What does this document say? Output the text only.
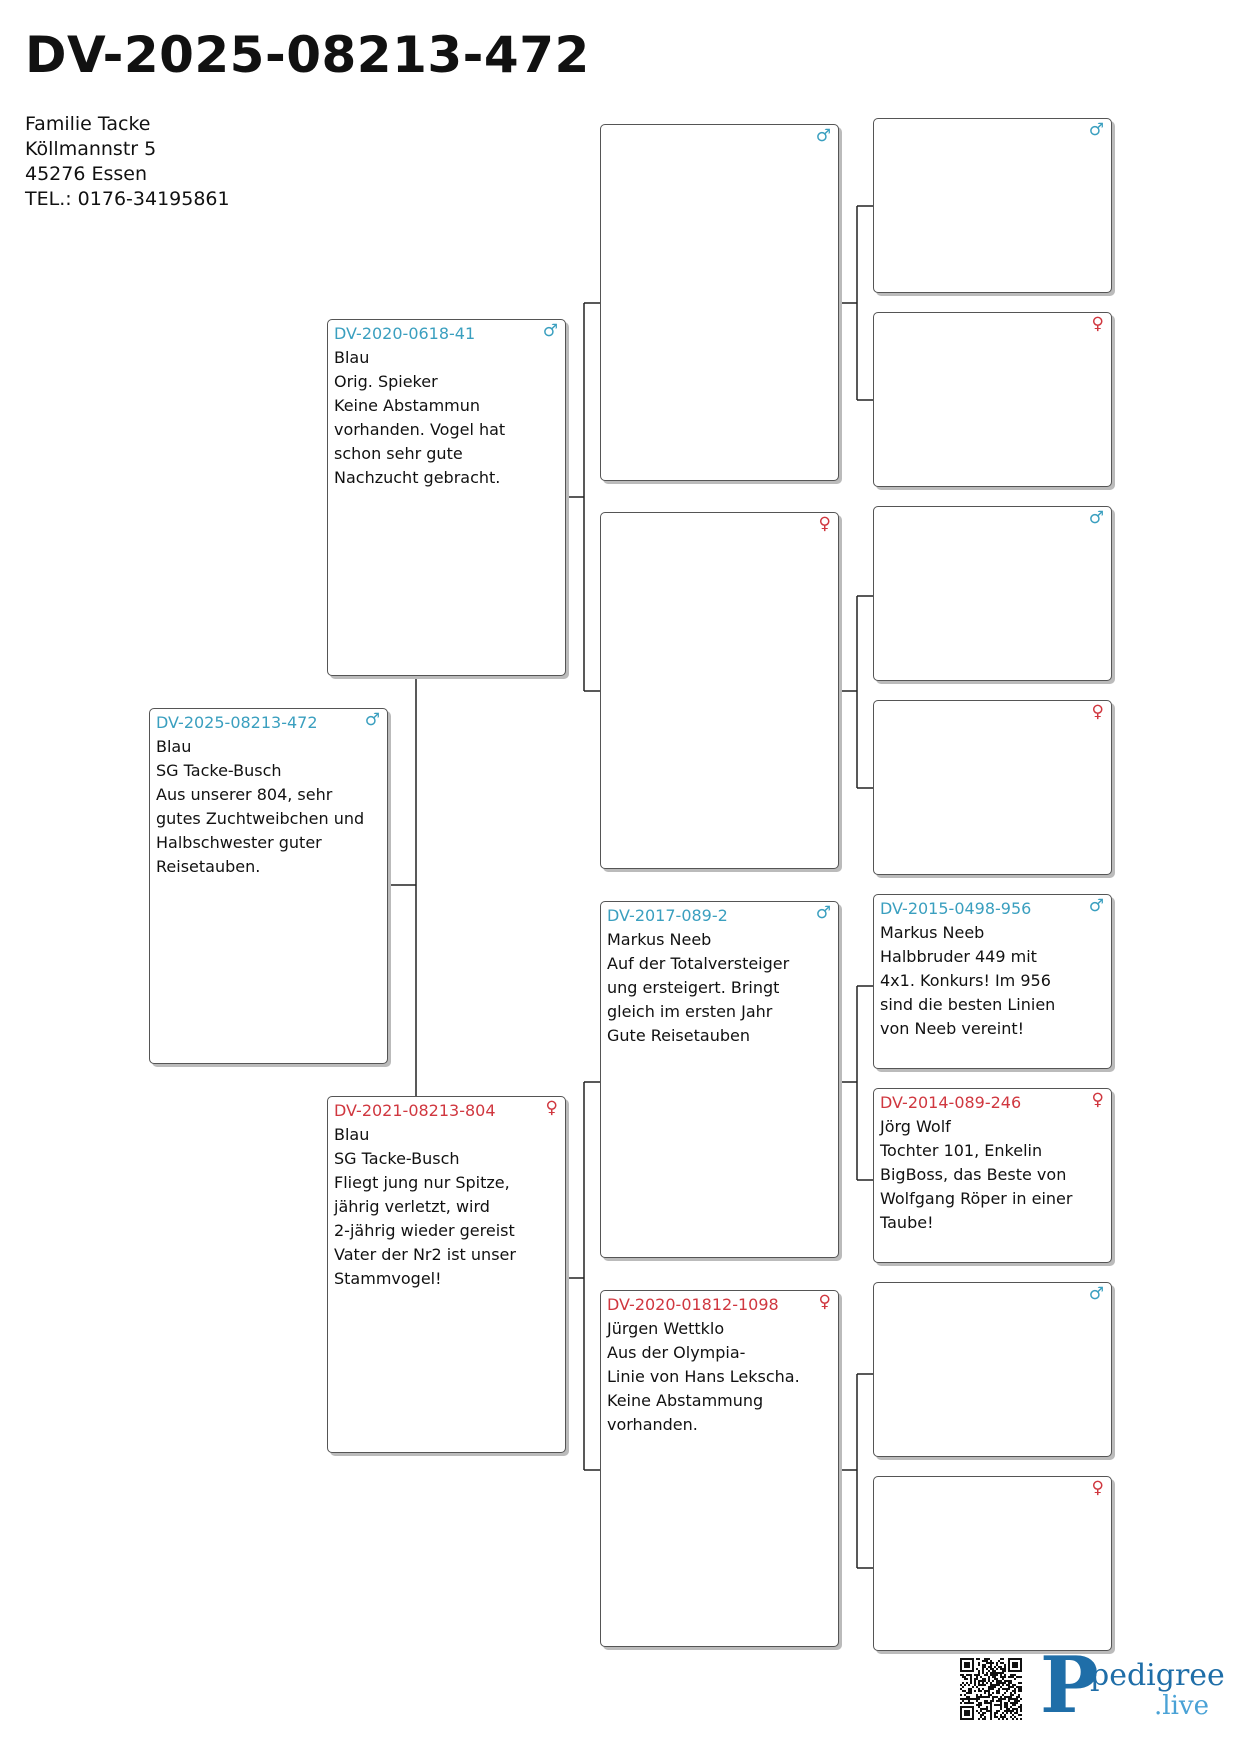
DV-2025-08213-472
Familie Tacke
Köllmannstr 5
45276 Essen
TEL.: 0176-34195861
♂
DV-2025-08213-472
Blau
SG Tacke-Busch
Aus unserer 804, sehr
gutes Zuchtweibchen und
Halbschwester guter
Reisetauben.
♂
DV-2020-0618-41
Blau
Orig. Spieker
Keine Abstammun
vorhanden. Vogel hat
schon sehr gute
Nachzucht gebracht.
♀
DV-2021-08213-804
Blau
SG Tacke-Busch
Fliegt jung nur Spitze,
jährig verletzt, wird
2-jährig wieder gereist
Vater der Nr2 ist unser
Stammvogel!
♂

♀

♂
DV-2017-089-2
Markus Neeb
Auf der Totalversteiger
ung ersteigert. Bringt
gleich im ersten Jahr
Gute Reisetauben
♀
DV-2020-01812-1098
Jürgen Wettklo
Aus der Olympia-
Linie von Hans Lekscha.
Keine Abstammung
vorhanden.
♂

♀

♂

♀

♂
DV-2015-0498-956
Markus Neeb
Halbbruder 449 mit
4x1. Konkurs! Im 956
sind die besten Linien
von Neeb vereint!
♀
DV-2014-089-246
Jörg Wolf
Tochter 101, Enkelin
BigBoss, das Beste von
Wolfgang Röper in einer
Taube!
♂

♀

P
pedigree
.live
